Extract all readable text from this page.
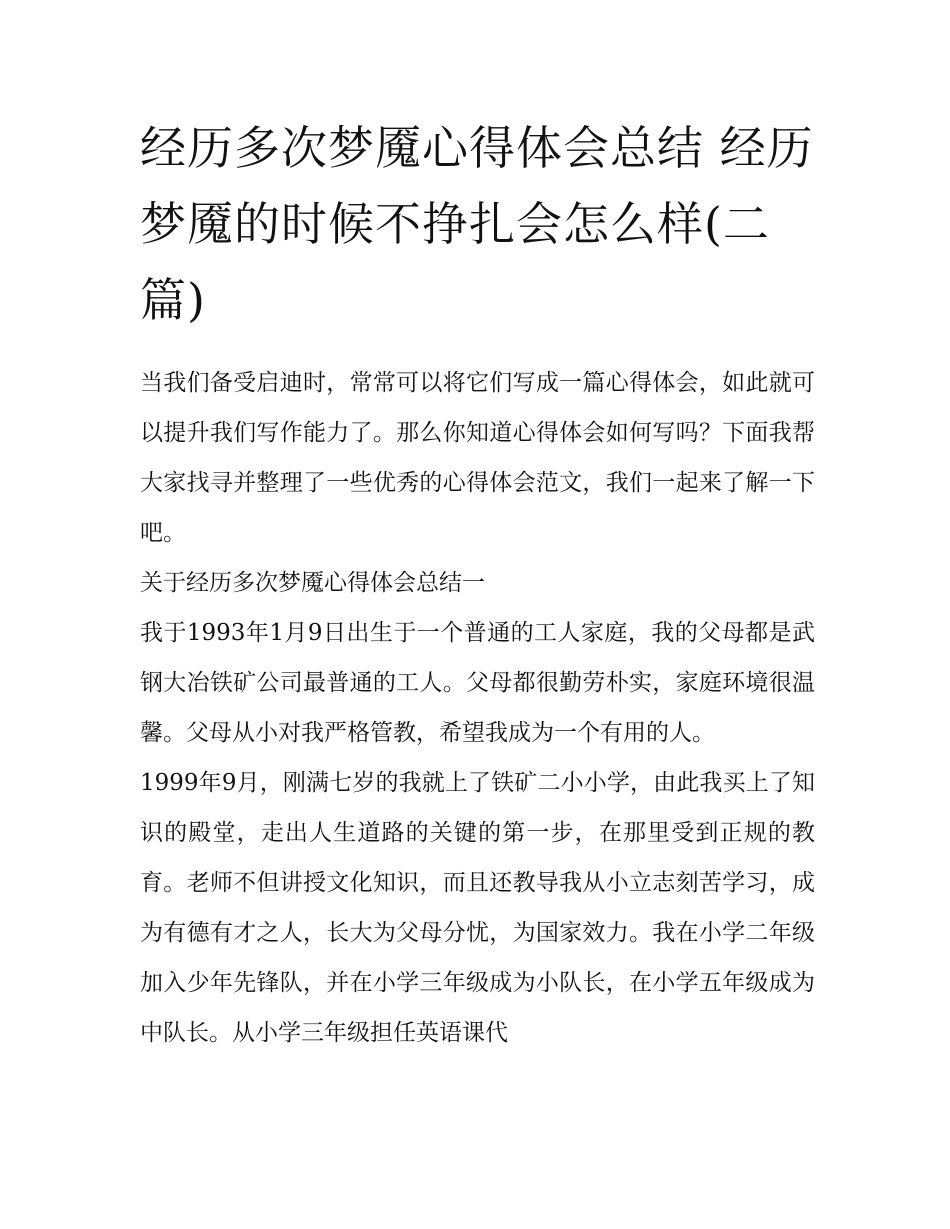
经历多次梦魇心得体会总结 经历梦魇的时候不挣扎会怎么样(二篇)

当我们备受启迪时，常常可以将它们写成一篇心得体会，如此就可以提升我们写作能力了。那么你知道心得体会如何写吗？下面我帮大家找寻并整理了一些优秀的心得体会范文，我们一起来了解一下吧。

关于经历多次梦魇心得体会总结一

我于1993年1月9日出生于一个普通的工人家庭，我的父母都是武钢大冶铁矿公司最普通的工人。父母都很勤劳朴实，家庭环境很温馨。父母从小对我严格管教，希望我成为一个有用的人。

1999年9月，刚满七岁的我就上了铁矿二小小学，由此我买上了知识的殿堂，走出人生道路的关键的第一步，在那里受到正规的教育。老师不但讲授文化知识，而且还教导我从小立志刻苦学习，成为有德有才之人，长大为父母分忧，为国家效力。我在小学二年级加入少年先锋队，并在小学三年级成为小队长，在小学五年级成为中队长。从小学三年级担任英语课代
